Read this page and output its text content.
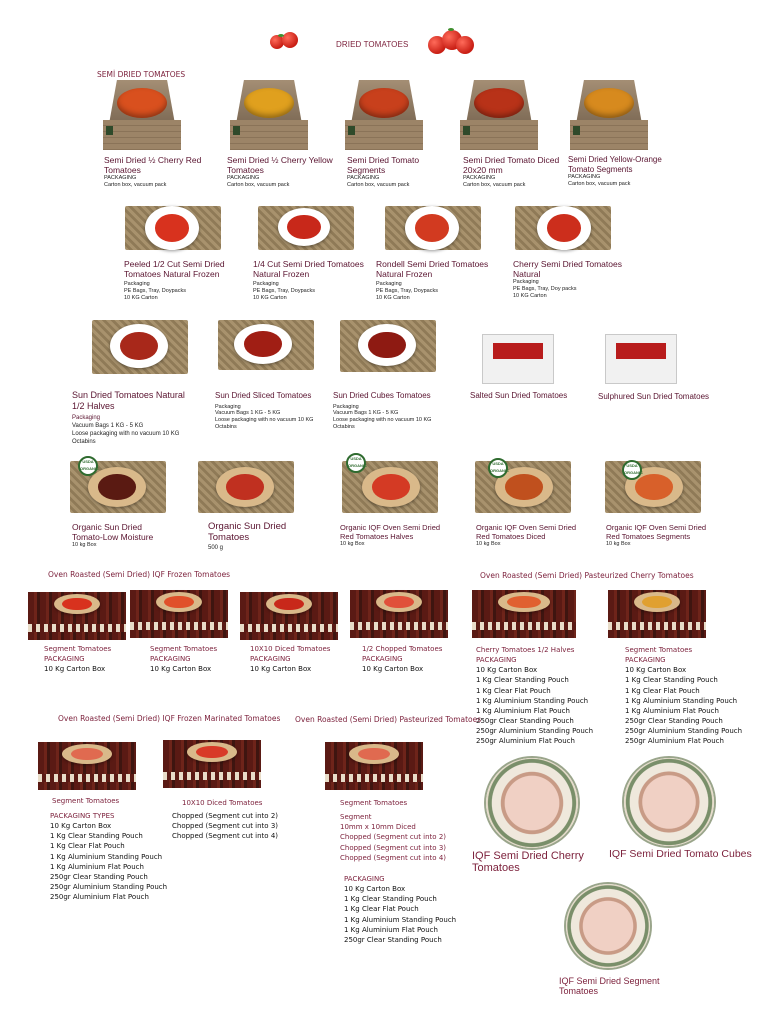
DRIED TOMATOES
SEMİ DRIED TOMATOES
Semi Dried ½ Cherry Red Tomatoes
PACKAGING
Carton box, vacuum pack
Semi Dried ½ Cherry Yellow Tomatoes
PACKAGING
Carton box, vacuum pack
Semi Dried Tomato Segments
PACKAGING
Carton box, vacuum pack
Semi Dried Tomato Diced 20x20 mm
PACKAGING
Carton box, vacuum pack
Semi Dried Yellow-Orange Tomato Segments
PACKAGING
Carton box, vacuum pack
Peeled 1/2 Cut Semi Dried Tomatoes Natural Frozen
Packaging
PE Bags, Tray, Doypacks
10 KG Carton
1/4 Cut Semi Dried Tomatoes Natural Frozen
Packaging
PE Bags, Tray, Doypacks
10 KG Carton
Rondell Semi Dried Tomatoes Natural Frozen
Packaging
PE Bags, Tray, Doypacks
10 KG Carton
Cherry Semi Dried Tomatoes Natural
Packaging
PE Bags, Tray, Doy packs
10 KG Carton
Sun Dried Tomatoes Natural 1/2 Halves
Packaging
Vacuum Bags 1 KG - 5 KG
Loose packaging with no vacuum 10 KG
Octabins
Sun Dried Sliced Tomatoes
Packaging
Vacuum Bags 1 KG - 5 KG
Loose packaging with no vacuum 10 KG
Octabins
Sun Dried Cubes Tomatoes
Packaging
Vacuum Bags 1 KG - 5 KG
Loose packaging with no vacuum 10 KG
Octabins
Salted Sun Dried Tomatoes	Sulphured Sun Dried Tomatoes
USDA ORGANIC
USDA ORGANIC	USDA ORGANIC
USDA ORGANIC
Organic Sun Dried Tomato-Low Moisture
10 kg Box
Organic Sun Dried Tomatoes
500 g
Organic IQF Oven Semi Dried Red Tomatoes Halves
10 kg Box
Organic IQF Oven Semi Dried Red Tomatoes Diced
10 kg Box
Organic IQF Oven Semi Dried Red Tomatoes Segments
10 kg Box
Oven Roasted (Semi Dried) IQF Frozen Tomatoes
Segment Tomatoes
PACKAGING
10 Kg Carton Box
Segment Tomatoes
PACKAGING
10 Kg Carton Box
10X10 Diced Tomatoes
PACKAGING
10 Kg Carton Box
1/2 Chopped Tomatoes
PACKAGING
10 Kg Carton Box
Oven Roasted (Semi Dried) Pasteurized Cherry Tomatoes
Cherry Tomatoes 1/2 Halves
PACKAGING
10 Kg Carton Box
1 Kg Clear Standing Pouch
1 Kg Clear Flat Pouch
1 Kg Aluminium Standing Pouch
1 Kg Aluminium Flat Pouch
250gr Clear Standing Pouch
250gr Aluminium Standing Pouch
250gr Aluminium Flat Pouch
Segment Tomatoes
PACKAGING
10 Kg Carton Box
1 Kg Clear Standing Pouch
1 Kg Clear Flat Pouch
1 Kg Aluminium Standing Pouch
1 Kg Aluminium Flat Pouch
250gr Clear Standing Pouch
250gr Aluminium Standing Pouch
250gr Aluminium Flat Pouch
Oven Roasted (Semi Dried) IQF Frozen Marinated Tomatoes
Segment Tomatoes
PACKAGING TYPES
10 Kg Carton Box
1 Kg Clear Standing Pouch
1 Kg Clear Flat Pouch
1 Kg Aluminium Standing Pouch
1 Kg Aluminium Flat Pouch
250gr Clear Standing Pouch
250gr Aluminium Standing Pouch
250gr Aluminium Flat Pouch
10X10 Diced Tomatoes
Chopped (Segment cut into 2)
Chopped (Segment cut into 3)
Chopped (Segment cut into 4)
Oven Roasted (Semi Dried) Pasteurized Tomatoes
Segment Tomatoes
Segment
10mm x 10mm Diced
Chopped (Segment cut into 2)
Chopped (Segment cut into 3)
Chopped (Segment cut into 4)
PACKAGING
10 Kg Carton Box
1 Kg Clear Standing Pouch
1 Kg Clear Flat Pouch
1 Kg Aluminium Standing Pouch
1 Kg Aluminium Flat Pouch
250gr Clear Standing Pouch
IQF Semi Dried Cherry Tomatoes
IQF Semi Dried Tomato Cubes
IQF Semi Dried Segment Tomatoes
